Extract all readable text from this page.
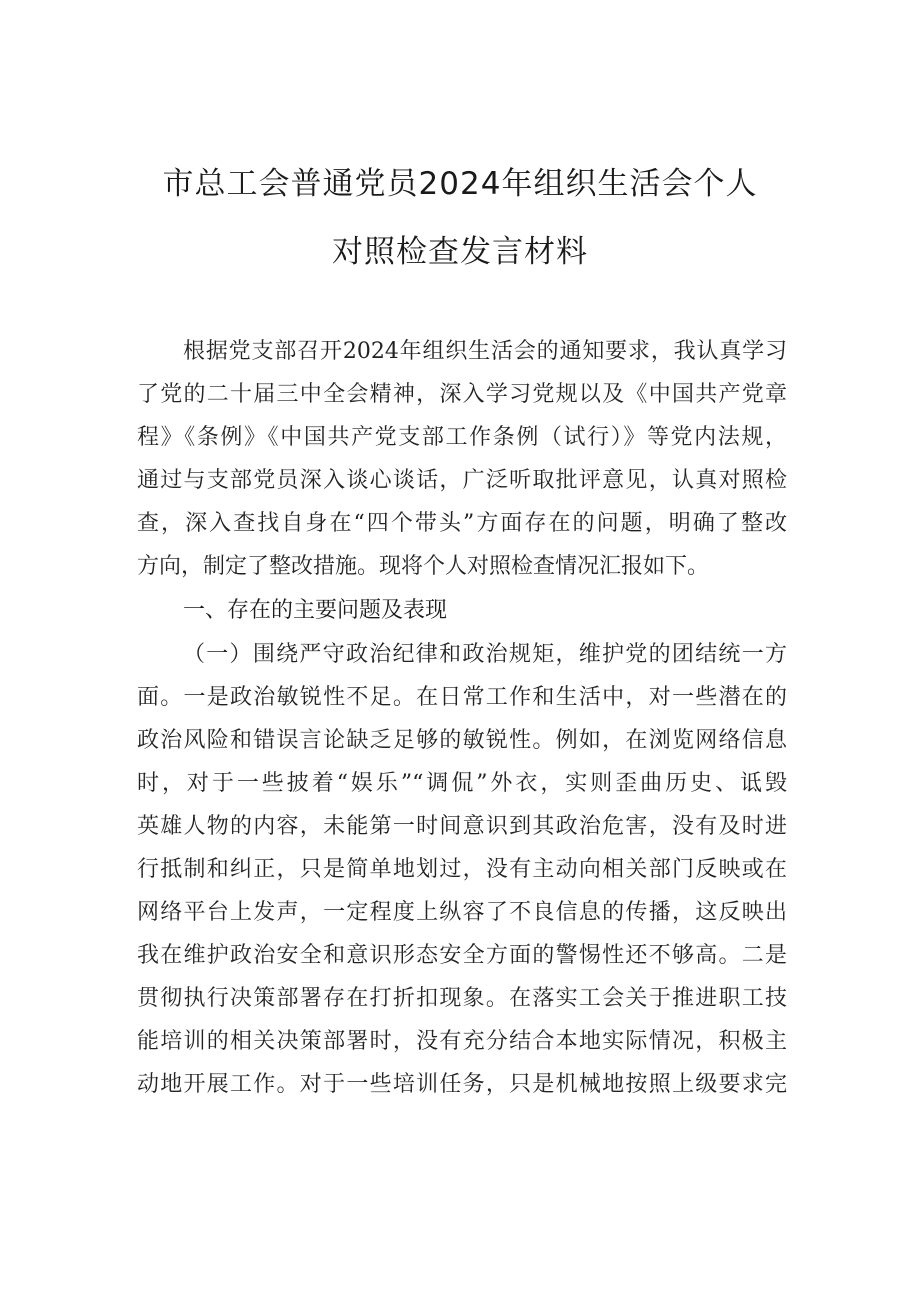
市总工会普通党员2024年组织生活会个人
对照检查发言材料
根据党支部召开2024年组织生活会的通知要求，我认真学习
了党的二十届三中全会精神，深入学习党规以及《中国共产党章
程》《条例》《中国共产党支部工作条例（试行）》等党内法规，
通过与支部党员深入谈心谈话，广泛听取批评意见，认真对照检
查，深入查找自身在“四个带头”方面存在的问题，明确了整改
方向，制定了整改措施。现将个人对照检查情况汇报如下。
一、存在的主要问题及表现
（一）围绕严守政治纪律和政治规矩，维护党的团结统一方
面。一是政治敏锐性不足。在日常工作和生活中，对一些潜在的
政治风险和错误言论缺乏足够的敏锐性。例如，在浏览网络信息
时，对于一些披着“娱乐”“调侃”外衣，实则歪曲历史、诋毁
英雄人物的内容，未能第一时间意识到其政治危害，没有及时进
行抵制和纠正，只是简单地划过，没有主动向相关部门反映或在
网络平台上发声，一定程度上纵容了不良信息的传播，这反映出
我在维护政治安全和意识形态安全方面的警惕性还不够高。二是
贯彻执行决策部署存在打折扣现象。在落实工会关于推进职工技
能培训的相关决策部署时，没有充分结合本地实际情况，积极主
动地开展工作。对于一些培训任务，只是机械地按照上级要求完
